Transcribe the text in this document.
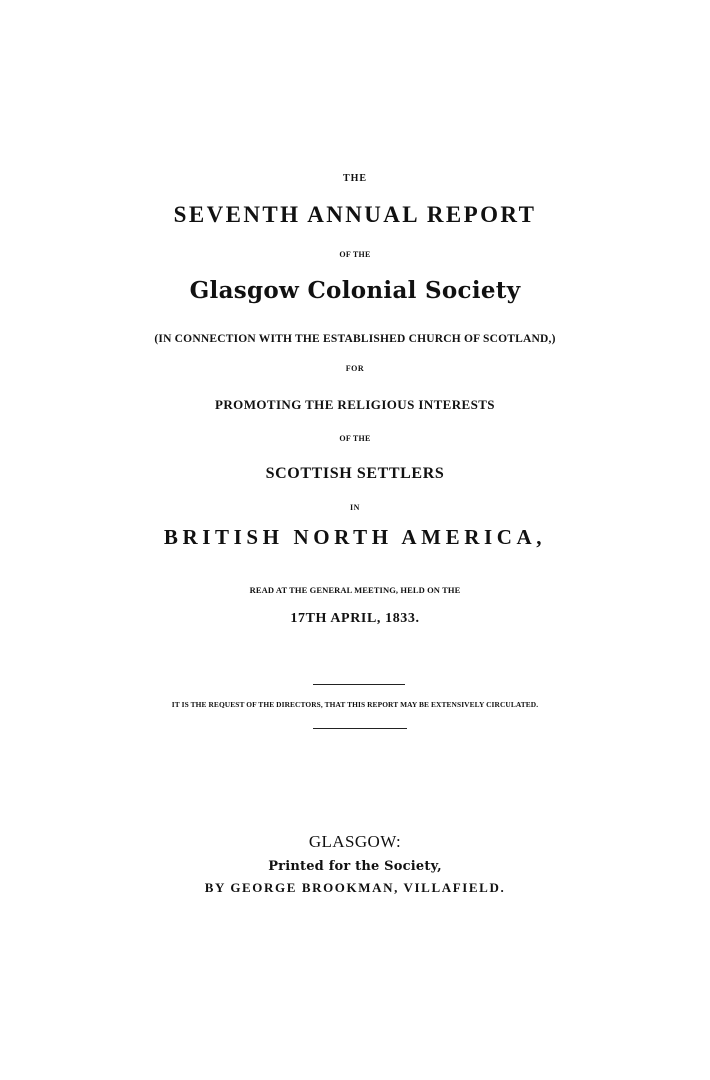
THE

SEVENTH ANNUAL REPORT

OF THE

Glasgow Colonial Society

(IN CONNECTION WITH THE ESTABLISHED CHURCH OF SCOTLAND,)

FOR

PROMOTING THE RELIGIOUS INTERESTS

OF THE

SCOTTISH SETTLERS

IN

BRITISH NORTH AMERICA,

READ AT THE GENERAL MEETING, HELD ON THE

17TH APRIL, 1833.

IT IS THE REQUEST OF THE DIRECTORS, THAT THIS REPORT MAY BE EXTENSIVELY CIRCULATED.

GLASGOW:

Printed for the Society,

BY GEORGE BROOKMAN, VILLAFIELD.
